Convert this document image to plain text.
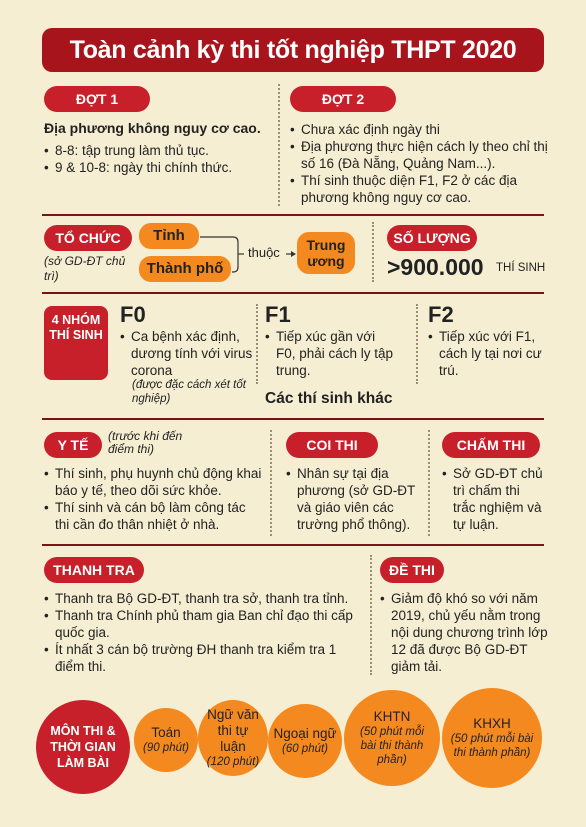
Toàn cảnh kỳ thi tốt nghiệp THPT 2020
ĐỢT 1
Địa phương không nguy cơ cao.
• 8-8: tập trung làm thủ tục.
• 9 & 10-8: ngày thi chính thức.
ĐỢT 2
• Chưa xác định ngày thi
• Địa phương thực hiện cách ly theo chỉ thị số 16 (Đà Nẵng, Quảng Nam...).
• Thí sinh thuộc diện F1, F2 ở các địa phương không nguy cơ cao.
TỔ CHỨC
(sở GD-ĐT chủ trì)
Tỉnh
Thành phố
thuộc	Trung ương
SỐ LƯỢNG
>900.000 THÍ SINH
4 NHÓM THÍ SINH
F0
• Ca bệnh xác định, dương tính với virus corona
(được đặc cách xét tốt nghiệp)
F1
• Tiếp xúc gần với F0, phải cách ly tập trung.
F2
• Tiếp xúc với F1, cách ly tại nơi cư trú.
Các thí sinh khác
Y TẾ
(trước khi đến điểm thi)
• Thí sinh, phụ huynh chủ động khai báo y tế, theo dõi sức khỏe.
• Thí sinh và cán bộ làm công tác thi cần đo thân nhiệt ở nhà.
COI THI
• Nhân sự tại địa phương (sở GD-ĐT và giáo viên các trường phổ thông).
CHẤM THI
• Sở GD-ĐT chủ trì chấm thi trắc nghiệm và tự luận.
THANH TRA
• Thanh tra Bộ GD-ĐT, thanh tra sở, thanh tra tỉnh.
• Thanh tra Chính phủ tham gia Ban chỉ đạo thi cấp quốc gia.
• Ít nhất 3 cán bộ trường ĐH thanh tra kiểm tra 1 điểm thi.
ĐỀ THI
• Giảm độ khó so với năm 2019, chủ yếu nằm trong nội dung chương trình lớp 12 đã được Bộ GD-ĐT giảm tải.
MÔN THI & THỜI GIAN LÀM BÀI
Toán
(90 phút)
Ngữ văn thi tự luận
(120 phút)
Ngoại ngữ
(60 phút)
KHTN
(50 phút mỗi bài thi thành phần)
KHXH
(50 phút mỗi bài thi thành phần)
